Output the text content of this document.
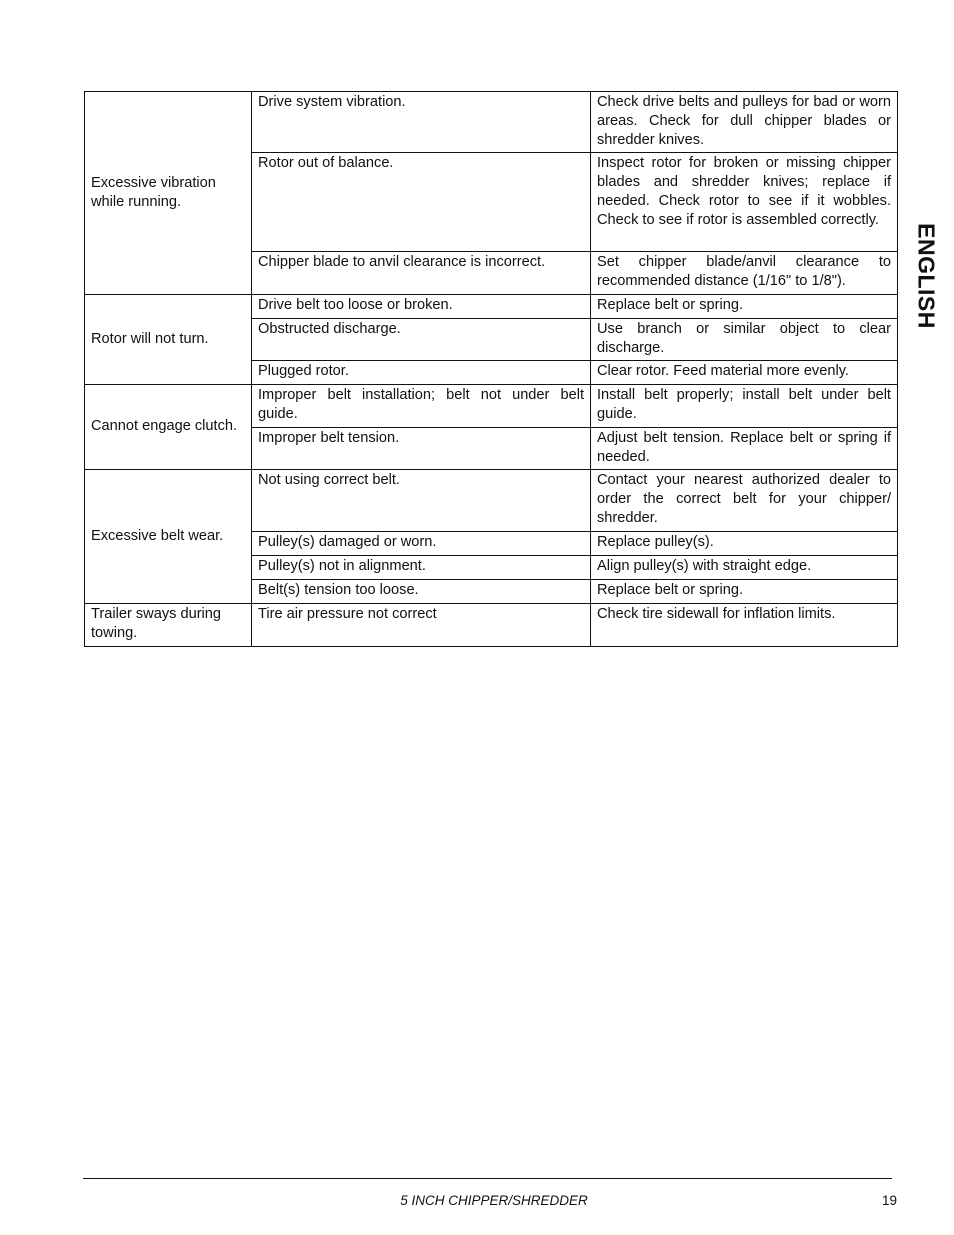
Excessive vibration while running.	Drive system vibration.	Check drive belts and pulleys for bad or worn areas. Check for dull chipper blades or shredder knives.
	Rotor out of balance.	Inspect rotor for broken or missing chipper blades and shredder knives; replace if needed. Check rotor to see if it wobbles. Check to see if rotor is assembled correctly.
	Chipper blade to anvil clearance is incorrect.	Set chipper blade/anvil clearance to recommended distance (1/16" to 1/8").
Rotor will not turn.	Drive belt too loose or broken.	Replace belt or spring.
	Obstructed discharge.	Use branch or similar object to clear discharge.
	Plugged rotor.	Clear rotor. Feed material more evenly.
Cannot engage clutch.	Improper belt installation; belt not under belt guide.	Install belt properly; install belt under belt guide.
	Improper belt tension.	Adjust belt tension. Replace belt or spring if needed.
Excessive belt wear.	Not using correct belt.	Contact your nearest authorized dealer to order the correct belt for your chipper/ shredder.
	Pulley(s) damaged or worn.	Replace pulley(s).
	Pulley(s) not in alignment.	Align pulley(s) with straight edge.
	Belt(s) tension too loose.	Replace belt or spring.
Trailer sways during towing.	Tire air pressure not correct	Check tire sidewall for inflation limits.
ENGLISH
5 INCH CHIPPER/SHREDDER	19
